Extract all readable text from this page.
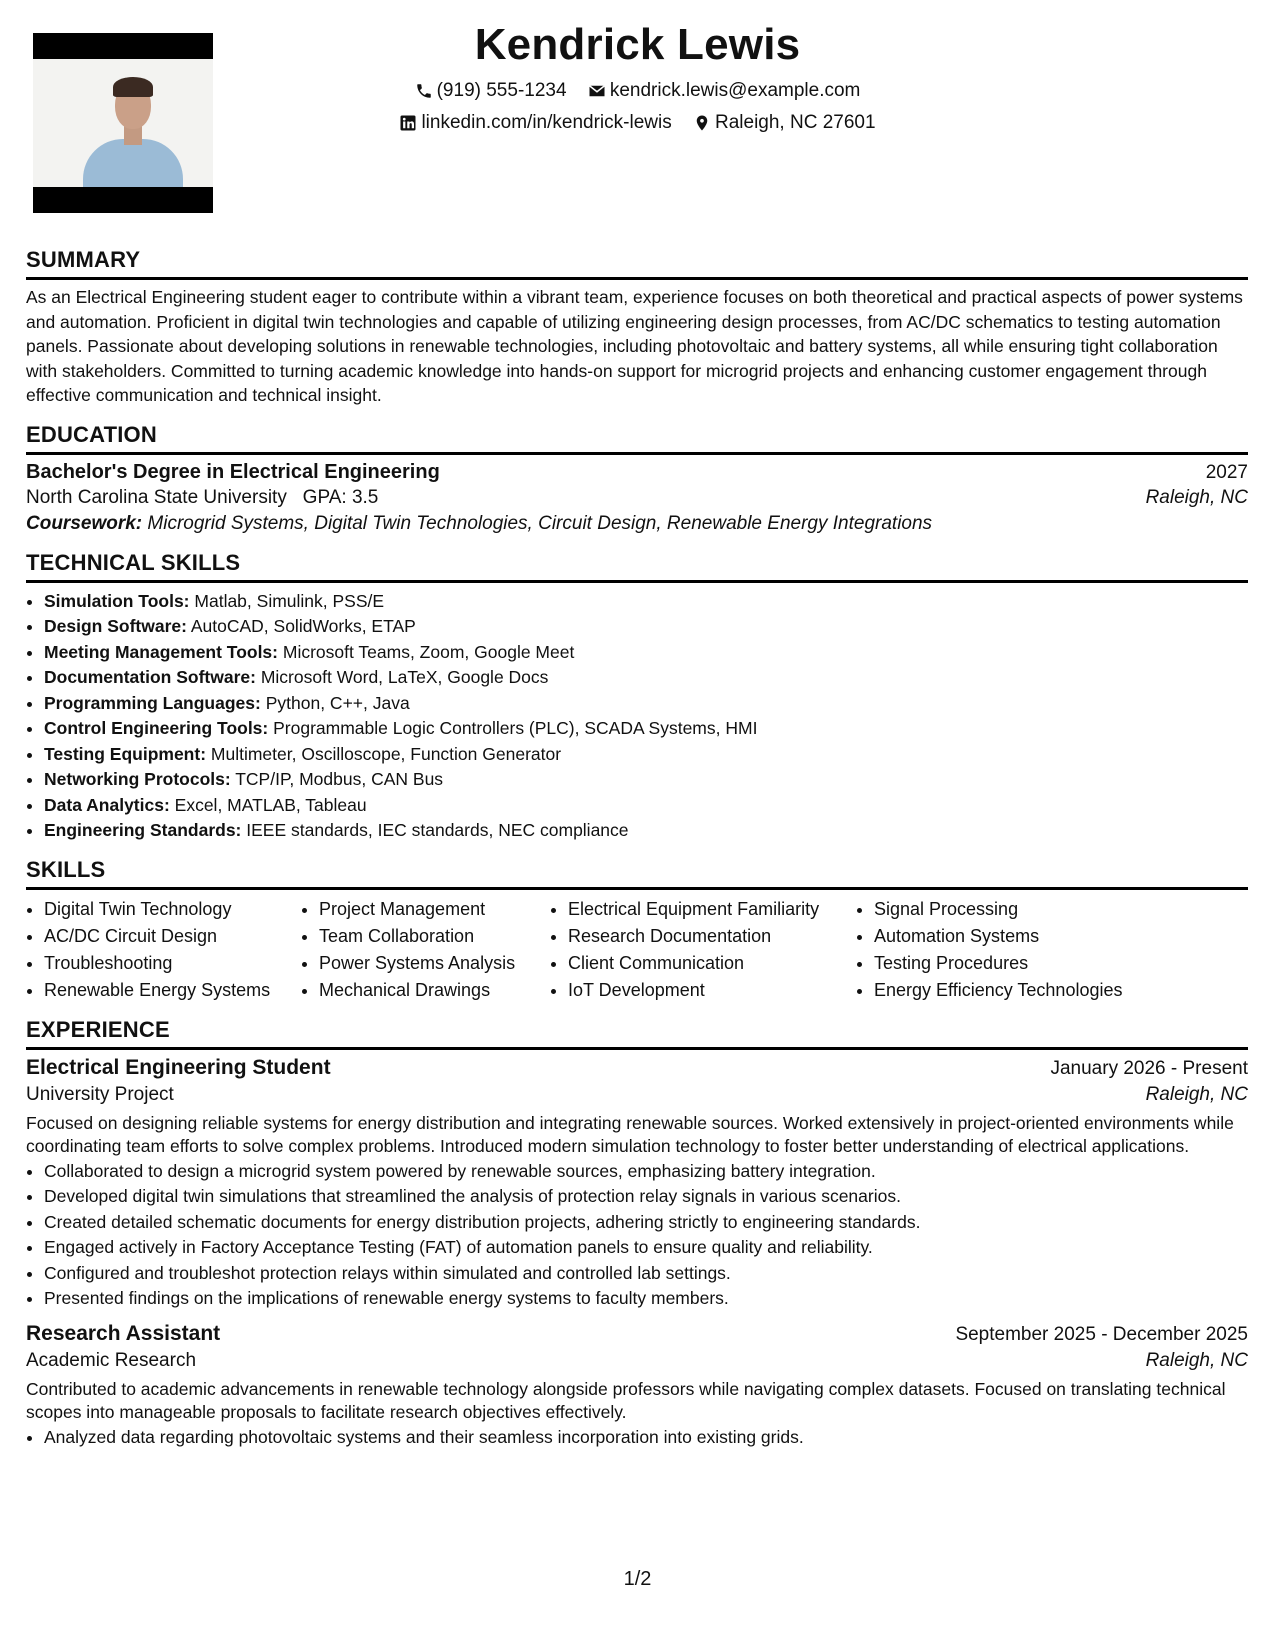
Kendrick Lewis
(919) 555-1234
kendrick.lewis@example.com
linkedin.com/in/kendrick-lewis
Raleigh, NC 27601
SUMMARY

As an Electrical Engineering student eager to contribute within a vibrant team, experience focuses on both theoretical and practical aspects of power systems and automation. Proficient in digital twin technologies and capable of utilizing engineering design processes, from AC/DC schematics to testing automation panels. Passionate about developing solutions in renewable technologies, including photovoltaic and battery systems, all while ensuring tight collaboration with stakeholders. Committed to turning academic knowledge into hands-on support for microgrid projects and enhancing customer engagement through effective communication and technical insight.

EDUCATION
Bachelor's Degree in Electrical Engineering	2027
North Carolina State University GPA: 3.5	Raleigh, NC
Coursework: Microgrid Systems, Digital Twin Technologies, Circuit Design, Renewable Energy Integrations
TECHNICAL SKILLS
• Simulation Tools: Matlab, Simulink, PSS/E
• Design Software: AutoCAD, SolidWorks, ETAP
• Meeting Management Tools: Microsoft Teams, Zoom, Google Meet
• Documentation Software: Microsoft Word, LaTeX, Google Docs
• Programming Languages: Python, C++, Java
• Control Engineering Tools: Programmable Logic Controllers (PLC), SCADA Systems, HMI
• Testing Equipment: Multimeter, Oscilloscope, Function Generator
• Networking Protocols: TCP/IP, Modbus, CAN Bus
• Data Analytics: Excel, MATLAB, Tableau
• Engineering Standards: IEEE standards, IEC standards, NEC compliance
SKILLS
• Digital Twin Technology
• AC/DC Circuit Design
• Troubleshooting
• Renewable Energy Systems
• Project Management
• Team Collaboration
• Power Systems Analysis
• Mechanical Drawings
• Electrical Equipment Familiarity
• Research Documentation
• Client Communication
• IoT Development
• Signal Processing
• Automation Systems
• Testing Procedures
• Energy Efficiency Technologies
EXPERIENCE
Electrical Engineering Student	January 2026 - Present
University Project	Raleigh, NC

Focused on designing reliable systems for energy distribution and integrating renewable sources. Worked extensively in project-oriented environments while coordinating team efforts to solve complex problems. Introduced modern simulation technology to foster better understanding of electrical applications.

• Collaborated to design a microgrid system powered by renewable sources, emphasizing battery integration.
• Developed digital twin simulations that streamlined the analysis of protection relay signals in various scenarios.
• Created detailed schematic documents for energy distribution projects, adhering strictly to engineering standards.
• Engaged actively in Factory Acceptance Testing (FAT) of automation panels to ensure quality and reliability.
• Configured and troubleshot protection relays within simulated and controlled lab settings.
• Presented findings on the implications of renewable energy systems to faculty members.
Research Assistant	September 2025 - December 2025
Academic Research	Raleigh, NC

Contributed to academic advancements in renewable technology alongside professors while navigating complex datasets. Focused on translating technical scopes into manageable proposals to facilitate research objectives effectively.

• Analyzed data regarding photovoltaic systems and their seamless incorporation into existing grids.
1/2
